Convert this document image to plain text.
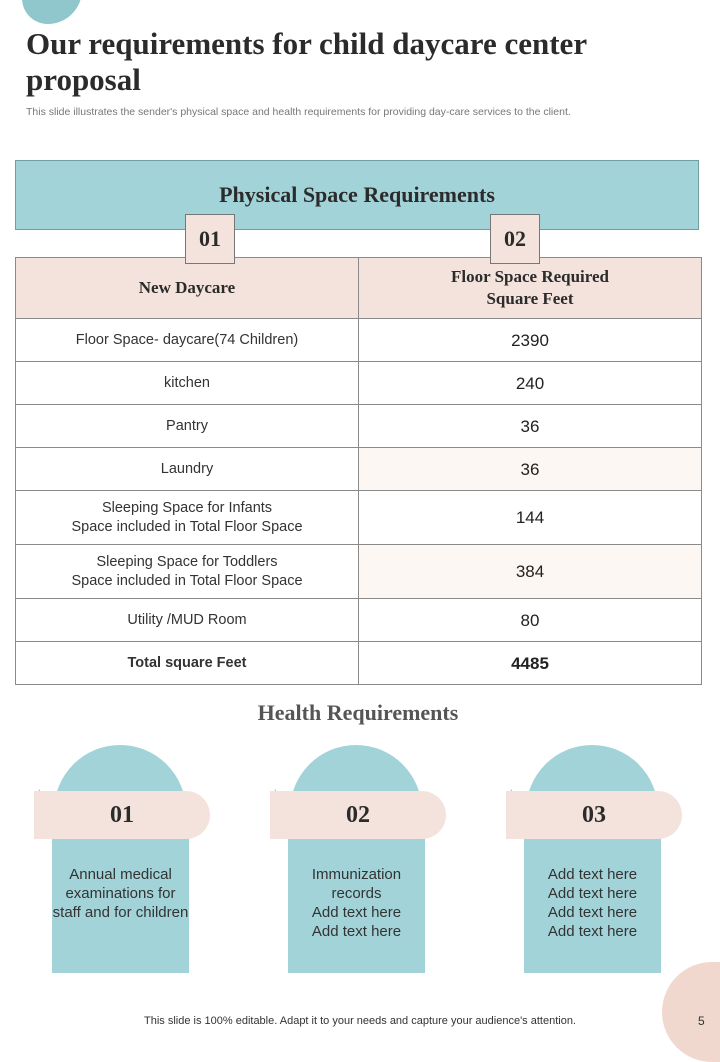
Our requirements for child daycare center proposal
This slide illustrates the sender's physical space and health requirements for providing day-care services to the client.
Physical Space Requirements
01	02
New Daycare	Floor Space Required Square Feet
Floor Space- daycare(74 Children)	2390
kitchen	240
Pantry	36
Laundry	36
Sleeping Space for Infants
Space included in Total Floor Space	144
Sleeping Space for Toddlers
Space included in Total Floor Space	384
Utility /MUD Room	80
Total square Feet	4485
Health Requirements
01
Annual medical examinations for staff and for children
02
Immunization records
Add text here
Add text here
03
Add text here
Add text here
Add text here
Add text here
This slide is 100% editable. Adapt it to your needs and capture your audience's attention.	5
